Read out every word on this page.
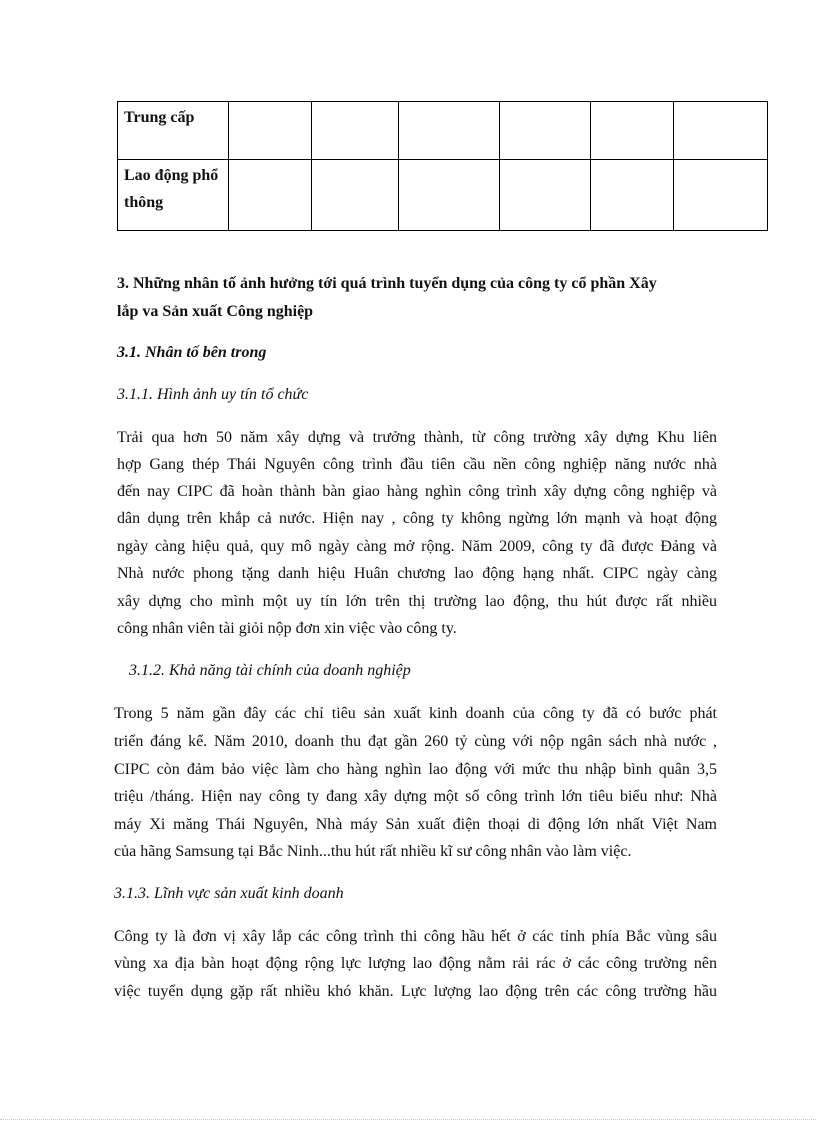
Trung cấp						
Lao động phổ thông						
3. Những nhân tố ảnh hưởng tới quá trình tuyển dụng của công ty cổ phần Xây
lắp va Sản xuất Công nghiệp
3.1. Nhân tố bên trong
3.1.1. Hình ảnh uy tín tổ chức
Trải qua hơn 50 năm xây dựng và trưởng thành, từ công trường xây dựng Khu liên
hợp Gang thép Thái Nguyên công trình đầu tiên cầu nền công nghiệp năng nước nhà
đến nay CIPC đã hoàn thành bàn giao hàng nghìn công trình xây dựng công nghiệp và
dân dụng trên khắp cả nước. Hiện nay , công ty không ngừng lớn mạnh và hoạt động
ngày càng hiệu quả, quy mô ngày càng mở rộng. Năm 2009, công ty đã được Đảng và
Nhà nước phong tặng danh hiệu Huân chương lao động hạng nhất. CIPC ngày càng
xây dựng cho mình một uy tín lớn trên thị trường lao động, thu hút được rất nhiều
công nhân viên tài giỏi nộp đơn xin việc vào công ty.
3.1.2. Khả năng tài chính của doanh nghiệp
Trong 5 năm gần đây các chỉ tiêu sản xuất kinh doanh của công ty đã có bước phát
triển đáng kể. Năm 2010, doanh thu đạt gần 260 tỷ cùng với nộp ngân sách nhà nước ,
CIPC còn đảm bảo việc làm cho hàng nghìn lao động với mức thu nhập bình quân 3,5
triệu /tháng. Hiện nay công ty đang xây dựng một số công trình lớn tiêu biểu như: Nhà
máy Xi măng Thái Nguyên, Nhà máy Sản xuất điện thoại di động lớn nhất Việt Nam
của hãng Samsung tại Bắc Ninh...thu hút rất nhiều kĩ sư công nhân vào làm việc.
3.1.3. Lĩnh vực sản xuất kinh doanh
Công ty là đơn vị xây lắp các công trình thi công hầu hết ở các tỉnh phía Bắc vùng sâu
vùng xa địa bàn hoạt động rộng lực lượng lao động nằm rải rác ở các công trường nên
việc tuyển dụng gặp rất nhiều khó khăn. Lực lượng lao động trên các công trường hầu
